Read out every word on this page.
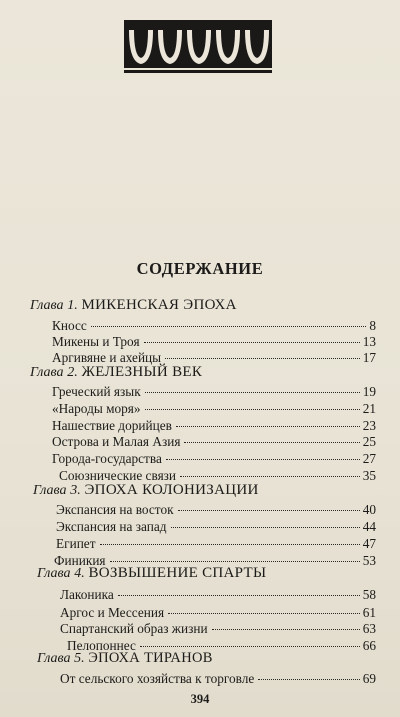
СОДЕРЖАНИЕ
Глава 1. МИКЕНСКАЯ ЭПОХА
Кносс	8
Микены и Троя	13
Аргивяне и ахейцы	17
Глава 2. ЖЕЛЕЗНЫЙ ВЕК
Греческий язык	19
«Народы моря»	21
Нашествие дорийцев	23
Острова и Малая Азия	25
Города-государства	27
Союзнические связи	35
Глава 3. ЭПОХА КОЛОНИЗАЦИИ
Экспансия на восток	40
Экспансия на запад	44
Египет	47
Финикия	53
Глава 4. ВОЗВЫШЕНИЕ СПАРТЫ
Лаконика	58
Аргос и Мессения	61
Спартанский образ жизни	63
Пелопоннес	66
Глава 5. ЭПОХА ТИРАНОВ
От сельского хозяйства к торговле	69
394
